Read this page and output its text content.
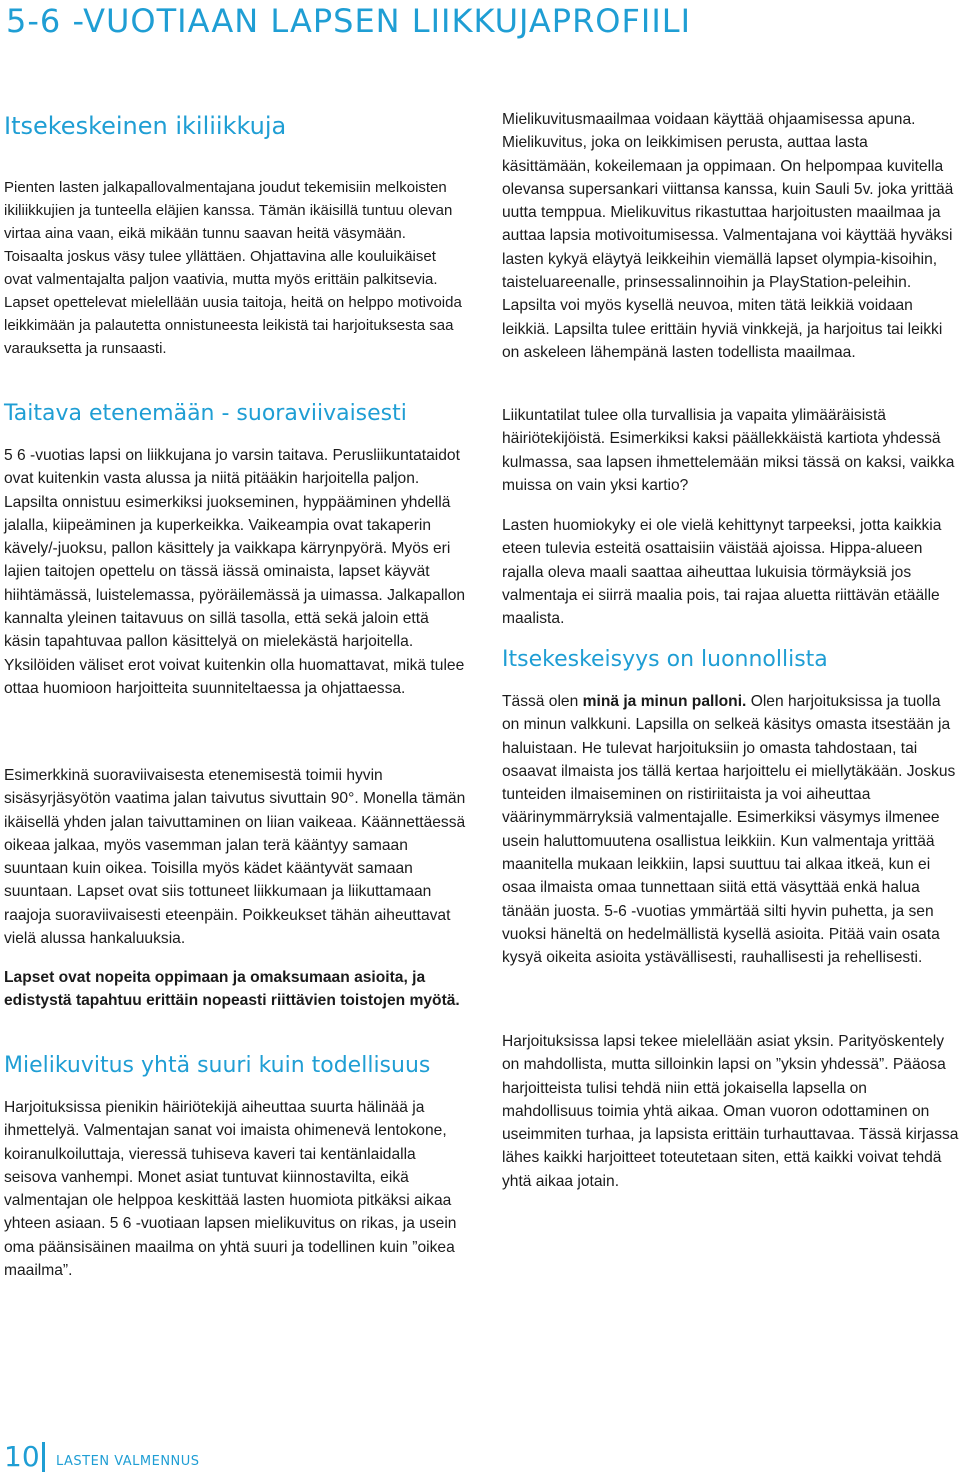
5-6 -VUOTIAAN LAPSEN LIIKKUJAPROFIILI
Itsekeskeinen ikiliikkuja

Pienten lasten jalkapallovalmentajana joudut tekemisiin melkoisten ikiliikkujien ja tunteella eläjien kanssa. Tämän ikäisillä tuntuu olevan virtaa aina vaan, eikä mikään tunnu saavan heitä väsymään. Toisaalta joskus väsy tulee yllättäen. Ohjattavina alle kouluikäiset ovat valmentajalta paljon vaativia, mutta myös erittäin palkitsevia. Lapset opettelevat mielellään uusia taitoja, heitä on helppo motivoida leikkimään ja palautetta onnistuneesta leikistä tai harjoituksesta saa varauksetta ja runsaasti.

Taitava etenemään - suoraviivaisesti

5 6 -vuotias lapsi on liikkujana jo varsin taitava. Perusliikuntataidot ovat kuitenkin vasta alussa ja niitä pitääkin harjoitella paljon. Lapsilta onnistuu esimerkiksi juokseminen, hyppääminen yhdellä jalalla, kiipeäminen ja kuperkeikka. Vaikeampia ovat takaperin kävely/-juoksu, pallon käsittely ja vaikkapa kärrynpyörä. Myös eri lajien taitojen opettelu on tässä iässä ominaista, lapset käyvät hiihtämässä, luistelemassa, pyöräilemässä ja uimassa. Jalkapallon kannalta yleinen taitavuus on sillä tasolla, että sekä jaloin että käsin tapahtuvaa pallon käsittelyä on mielekästä harjoitella. Yksilöiden väliset erot voivat kuitenkin olla huomattavat, mikä tulee ottaa huomioon harjoitteita suunniteltaessa ja ohjattaessa.

Esimerkkinä suoraviivaisesta etenemisestä toimii hyvin sisäsyrjäsyötön vaatima jalan taivutus sivuttain 90°. Monella tämän ikäisellä yhden jalan taivuttaminen on liian vaikeaa. Käännettäessä oikeaa jalkaa, myös vasemman jalan terä kääntyy samaan suuntaan kuin oikea. Toisilla myös kädet kääntyvät samaan suuntaan. Lapset ovat siis tottuneet liikkumaan ja liikuttamaan raajoja suoraviivaisesti eteenpäin. Poikkeukset tähän aiheuttavat vielä alussa hankaluuksia.

Lapset ovat nopeita oppimaan ja omaksumaan asioita, ja edistystä tapahtuu erittäin nopeasti riittävien toistojen myötä.

Mielikuvitus yhtä suuri kuin todellisuus

Harjoituksissa pienikin häiriötekijä aiheuttaa suurta hälinää ja ihmettelyä. Valmentajan sanat voi imaista ohimenevä lentokone, koiranulkoiluttaja, vieressä tuhiseva kaveri tai kentänlaidalla seisova vanhempi. Monet asiat tuntuvat kiinnostavilta, eikä valmentajan ole helppoa keskittää lasten huomiota pitkäksi aikaa yhteen asiaan. 5 6 -vuotiaan lapsen mielikuvitus on rikas, ja usein oma päänsisäinen maailma on yhtä suuri ja todellinen kuin ”oikea maailma”.

Mielikuvitusmaailmaa voidaan käyttää ohjaamisessa apuna. Mielikuvitus, joka on leikkimisen perusta, auttaa lasta käsittämään, kokeilemaan ja oppimaan. On helpompaa kuvitella olevansa supersankari viittansa kanssa, kuin Sauli 5v. joka yrittää uutta temppua. Mielikuvitus rikastuttaa harjoitusten maailmaa ja auttaa lapsia motivoitumisessa. Valmentajana voi käyttää hyväksi lasten kykyä eläytyä leikkeihin viemällä lapset olympia-kisoihin, taisteluareenalle, prinsessalinnoihin ja PlayStation-peleihin. Lapsilta voi myös kysellä neuvoa, miten tätä leikkiä voidaan leikkiä. Lapsilta tulee erittäin hyviä vinkkejä, ja harjoitus tai leikki on askeleen lähempänä lasten todellista maailmaa.

Liikuntatilat tulee olla turvallisia ja vapaita ylimääräisistä häiriötekijöistä. Esimerkiksi kaksi päällekkäistä kartiota yhdessä kulmassa, saa lapsen ihmettelemään miksi tässä on kaksi, vaikka muissa on vain yksi kartio?

Lasten huomiokyky ei ole vielä kehittynyt tarpeeksi, jotta kaikkia eteen tulevia esteitä osattaisiin väistää ajoissa. Hippa-alueen rajalla oleva maali saattaa aiheuttaa lukuisia törmäyksiä jos valmentaja ei siirrä maalia pois, tai rajaa aluetta riittävän etäälle maalista.

Itsekeskeisyys on luonnollista

Tässä olen minä ja minun palloni. Olen harjoituksissa ja tuolla on minun valkkuni. Lapsilla on selkeä käsitys omasta itsestään ja haluistaan. He tulevat harjoituksiin jo omasta tahdostaan, tai osaavat ilmaista jos tällä kertaa harjoittelu ei miellytäkään. Joskus tunteiden ilmaiseminen on ristiriitaista ja voi aiheuttaa väärinymmärryksiä valmentajalle. Esimerkiksi väsymys ilmenee usein haluttomuutena osallistua leikkiin. Kun valmentaja yrittää maanitella mukaan leikkiin, lapsi suuttuu tai alkaa itkeä, kun ei osaa ilmaista omaa tunnettaan siitä että väsyttää enkä halua tänään juosta. 5-6 -vuotias ymmärtää silti hyvin puhetta, ja sen vuoksi häneltä on hedelmällistä kysellä asioita. Pitää vain osata kysyä oikeita asioita ystävällisesti, rauhallisesti ja rehellisesti.

Harjoituksissa lapsi tekee mielellään asiat yksin. Parityöskentely on mahdollista, mutta silloinkin lapsi on ”yksin yhdessä”. Pääosa harjoitteista tulisi tehdä niin että jokaisella lapsella on mahdollisuus toimia yhtä aikaa. Oman vuoron odottaminen on useimmiten turhaa, ja lapsista erittäin turhauttavaa. Tässä kirjassa lähes kaikki harjoitteet toteutetaan siten, että kaikki voivat tehdä yhtä aikaa jotain.

10 LASTEN VALMENNUS
